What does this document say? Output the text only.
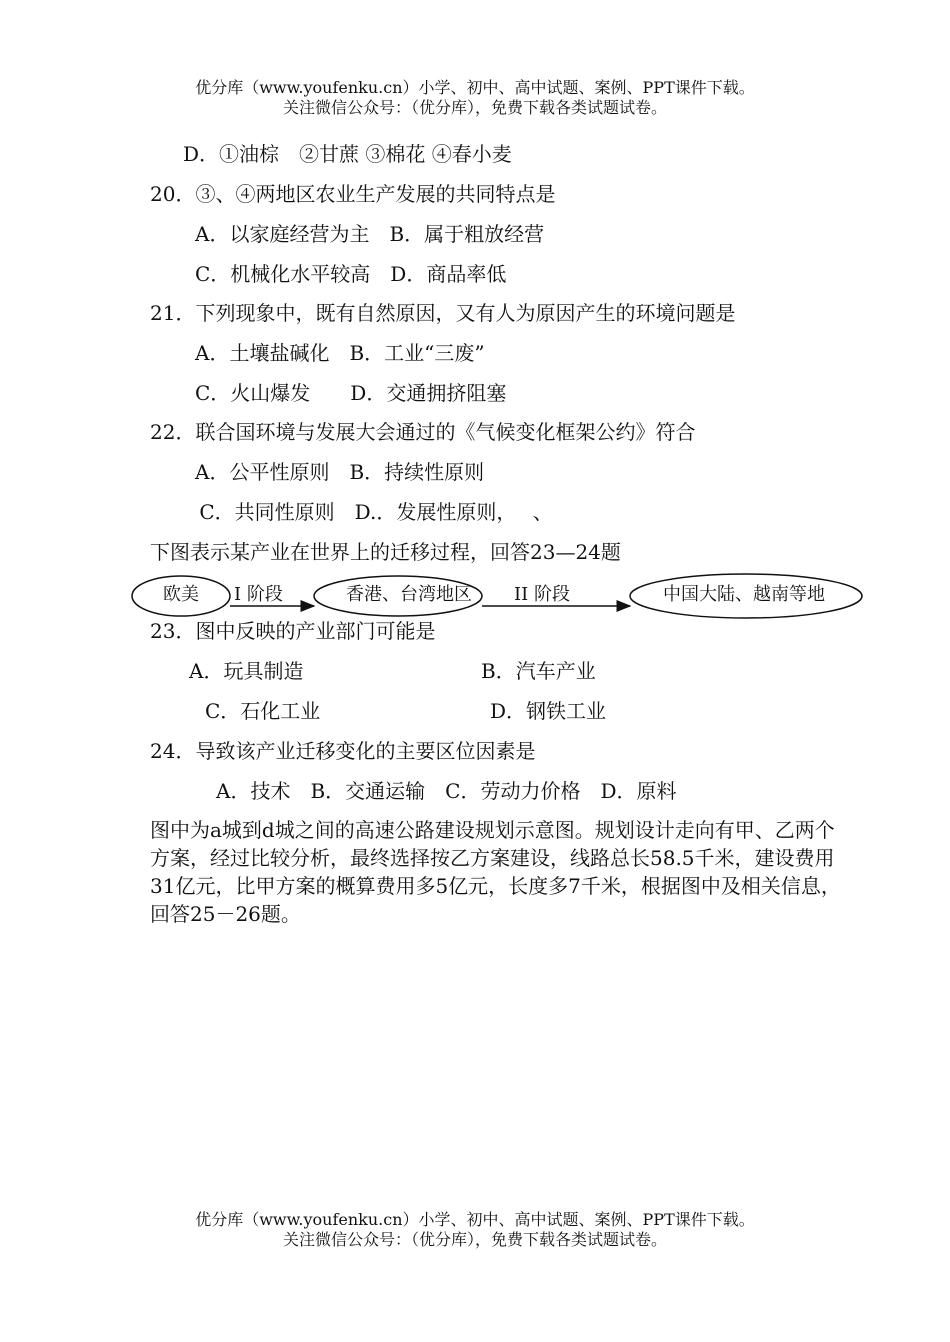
优分库（www.youfenku.cn）小学、初中、高中试题、案例、PPT课件下载。
关注微信公众号：（优分库），免费下载各类试题试卷。
D．①油棕　②甘蔗 ③棉花 ④春小麦
20．③、④两地区农业生产发展的共同特点是
A．以家庭经营为主　B．属于粗放经营
C．机械化水平较高　D．商品率低
21．下列现象中，既有自然原因，又有人为原因产生的环境问题是
A．土壤盐碱化　B．工业“三废”
C．火山爆发　　D．交通拥挤阻塞
22．联合国环境与发展大会通过的《气候变化框架公约》符合
A．公平性原则　B．持续性原则
C．共同性原则　D.．发展性原则，　 、
下图表示某产业在世界上的迁移过程，回答23—24题
欧美 I 阶段	香港、台湾地区 II 阶段	中国大陆、越南等地
23．图中反映的产业部门可能是
A．玩具制造	B．汽车产业
C．石化工业	D．钢铁工业
24．导致该产业迁移变化的主要区位因素是
A．技术　B．交通运输　C．劳动力价格　D．原料
图中为a城到d城之间的高速公路建设规划示意图。规划设计走向有甲、乙两个方案，经过比较分析，最终选择按乙方案建设，线路总长58.5千米，建设费用31亿元，比甲方案的概算费用多5亿元，长度多7千米，根据图中及相关信息，回答25－26题。
优分库（www.youfenku.cn）小学、初中、高中试题、案例、PPT课件下载。
关注微信公众号：（优分库），免费下载各类试题试卷。
